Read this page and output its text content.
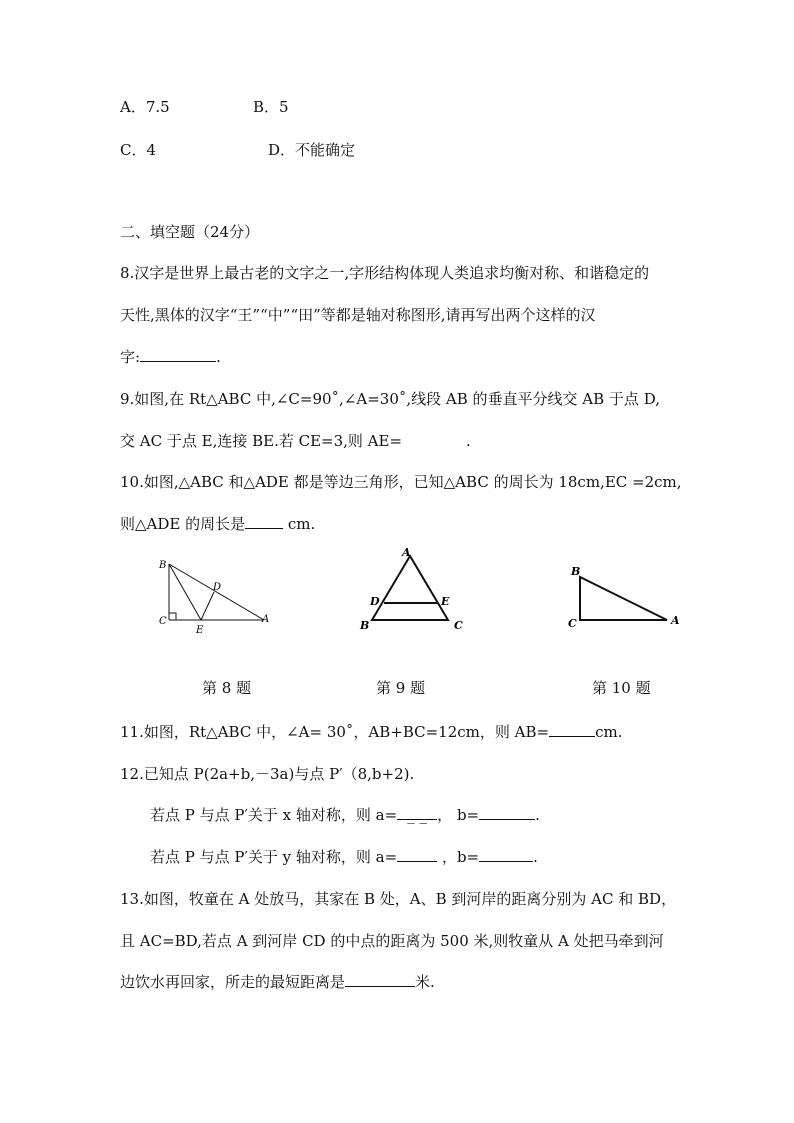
A．7.5	B．5
C．4	D．不能确定
二、填空题（24分）
8.汉字是世界上最古老的文字之一,字形结构体现人类追求均衡对称、和谐稳定的
天性,黑体的汉字“王”“中”“田”等都是轴对称图形,请再写出两个这样的汉
字:	.
9.如图,在 Rt△ABC 中,∠C=90˚,∠A=30˚,线段 AB 的垂直平分线交 AB 于点 D,
交 AC 于点 E,连接 BE.若 CE=3,则 AE=	.
10.如图,△ABC 和△ADE 都是等边三角形，已知△ABC 的周长为 18cm,EC =2cm,
则△ADE 的周长是	cm.
B
D
C
E
A
A
D	E
B	C
B
C	A
第 8 题	第 9 题	第 10 题
11.如图，Rt△ABC 中，∠A= 30˚，AB+BC=12cm，则 AB=	cm.
12.已知点 P(2a+b,－3a)与点 P′（8,b+2).
若点 P 与点 P′关于 x 轴对称，则 a= _ _ ， b=	.
若点 P 与点 P′关于 y 轴对称，则 a=	，b=	.
13.如图，牧童在 A 处放马，其家在 B 处，A、B 到河岸的距离分别为 AC 和 BD，
且 AC=BD,若点 A 到河岸 CD 的中点的距离为 500 米,则牧童从 A 处把马牵到河
边饮水再回家，所走的最短距离是	米.
